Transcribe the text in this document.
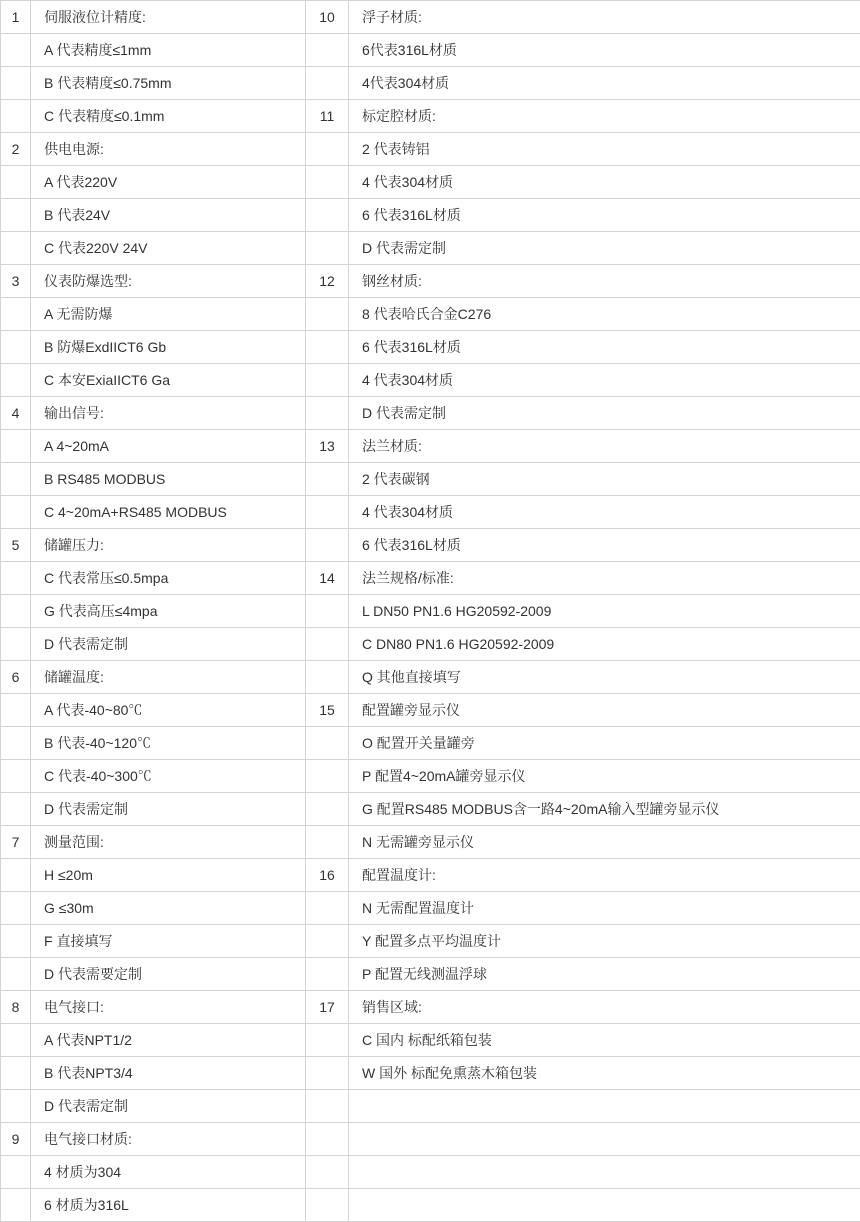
1	伺服液位计精度:	10	浮子材质:
	A 代表精度≤1mm		6代表316L材质
	B 代表精度≤0.75mm		4代表304材质
	C 代表精度≤0.1mm	11	标定腔材质:
2	供电电源:		2 代表铸铝
	A 代表220V		4 代表304材质
	B 代表24V		6 代表316L材质
	C 代表220V 24V		D 代表需定制
3	仪表防爆选型:	12	钢丝材质:
	A 无需防爆		8 代表哈氏合金C276
	B 防爆ExdIICT6 Gb		6 代表316L材质
	C 本安ExiaIICT6 Ga		4 代表304材质
4	输出信号:		D 代表需定制
	A 4~20mA	13	法兰材质:
	B RS485 MODBUS		2 代表碳钢
	C 4~20mA+RS485 MODBUS		4 代表304材质
5	储罐压力:		6 代表316L材质
	C 代表常压≤0.5mpa	14	法兰规格/标准:
	G 代表高压≤4mpa		L DN50 PN1.6 HG20592-2009
	D 代表需定制		C DN80 PN1.6 HG20592-2009
6	储罐温度:		Q 其他直接填写
	A 代表-40~80℃	15	配置罐旁显示仪
	B 代表-40~120℃		O 配置开关量罐旁
	C 代表-40~300℃		P 配置4~20mA罐旁显示仪
	D 代表需定制		G 配置RS485 MODBUS含一路4~20mA输入型罐旁显示仪
7	测量范围:		N 无需罐旁显示仪
	H ≤20m	16	配置温度计:
	G ≤30m		N 无需配置温度计
	F 直接填写		Y 配置多点平均温度计
	D 代表需要定制		P 配置无线测温浮球
8	电气接口:	17	销售区域:
	A 代表NPT1/2		C 国内 标配纸箱包装
	B 代表NPT3/4		W 国外 标配免熏蒸木箱包装
	D 代表需定制		
9	电气接口材质:		
	4 材质为304		
	6 材质为316L		
